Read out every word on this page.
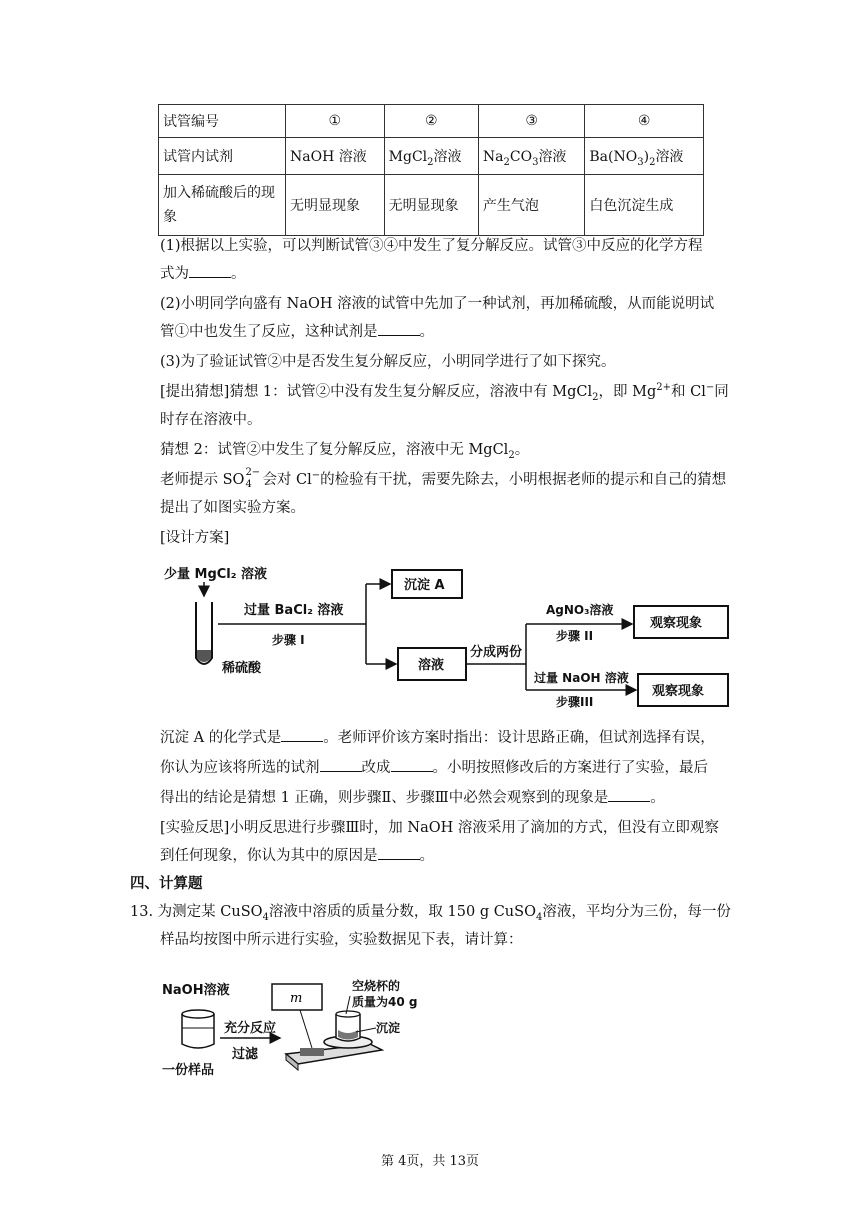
试管编号	①	②	③	④
试管内试剂	NaOH 溶液	MgCl$_2$溶液	$Na_2CO_3$溶液	$Ba(NO_3)_2$溶液
加入稀硫酸后的现象	无明显现象	无明显现象	产生气泡	白色沉淀生成
(1)根据以上实验，可以判断试管③④中发生了复分解反应。试管③中反应的化学方程
式为	。
(2)小明同学向盛有 NaOH 溶液的试管中先加了一种试剂，再加稀硫酸，从而能说明试
管①中也发生了反应，这种试剂是	。
(3)为了验证试管②中是否发生复分解反应，小明同学进行了如下探究。
[提出猜想]猜想 1：试管②中没有发生复分解反应，溶液中有 MgCl$_2$，即 $Mg^{2+}$和 Cl−同
时存在溶液中。
猜想 2：试管②中发生了复分解反应，溶液中无 MgCl$_2$。
老师提示 SO 2−
4 会对 Cl−的检验有干扰，需要先除去，小明根据老师的提示和自己的猜想
提出了如图实验方案。
[设计方案]
少量 MgCl₂ 溶液
稀硫酸
过量 BaCl₂ 溶液
步骤 I
沉淀 A
溶液
分成两份
AgNO₃溶液
步骤 II
过量 NaOH 溶液
步骤III
观察现象
观察现象
沉淀 A 的化学式是	。老师评价该方案时指出：设计思路正确，但试剂选择有误，
你认为应该将所选的试剂	改成	。小明按照修改后的方案进行了实验，最后
得出的结论是猜想 1 正确，则步骤Ⅱ、步骤Ⅲ中必然会观察到的现象是	。
[实验反思]小明反思进行步骤Ⅲ时，加 NaOH 溶液采用了滴加的方式，但没有立即观察
到任何现象，你认为其中的原因是	。
四、计算题
13. 为测定某 CuSO$_4$溶液中溶质的质量分数，取 150 g CuSO$_4$溶液，平均分为三份，每一份
样品均按图中所示进行实验，实验数据见下表，请计算：
NaOH溶液
一份样品
充分反应
过滤
m
空烧杯的
质量为40 g
沉淀
第 4页，共 13页
